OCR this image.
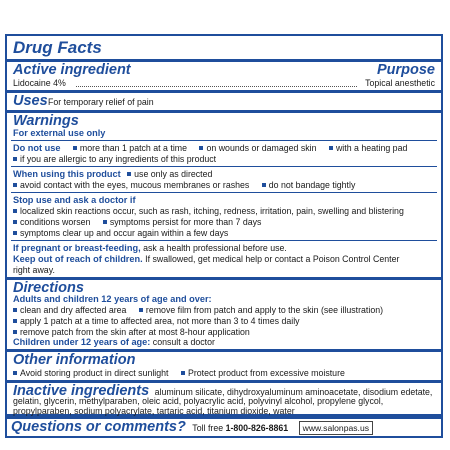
Drug Facts
Active ingredient	Purpose
Lidocaine 4%	Topical anesthetic
Uses For temporary relief of pain
Warnings
For external use only
Do not use more than 1 patch at a time on wounds or damaged skin with a heating pad
if you are allergic to any ingredients of this product
When using this product use only as directed
avoid contact with the eyes, mucous membranes or rashes do not bandage tightly
Stop use and ask a doctor if
localized skin reactions occur, such as rash, itching, redness, irritation, pain, swelling and blistering
conditions worsen symptoms persist for more than 7 days
symptoms clear up and occur again within a few days
If pregnant or breast-feeding, ask a health professional before use.
Keep out of reach of children. If swallowed, get medical help or contact a Poison Control Center
right away.
Directions
Adults and children 12 years of age and over:
clean and dry affected area remove film from patch and apply to the skin (see illustration)
apply 1 patch at a time to affected area, not more than 3 to 4 times daily
remove patch from the skin after at most 8-hour application
Children under 12 years of age: consult a doctor
Other information
Avoid storing product in direct sunlight Protect product from excessive moisture
Inactive ingredients aluminum silicate, dihydroxyaluminum aminoacetate, disodium edetate,
gelatin, glycerin, methylparaben, oleic acid, polyacrylic acid, polyvinyl alcohol, propylene glycol,
propylparaben, sodium polyacrylate, tartaric acid, titanium dioxide, water
Questions or comments? Toll free 1-800-826-8861 www.salonpas.us
